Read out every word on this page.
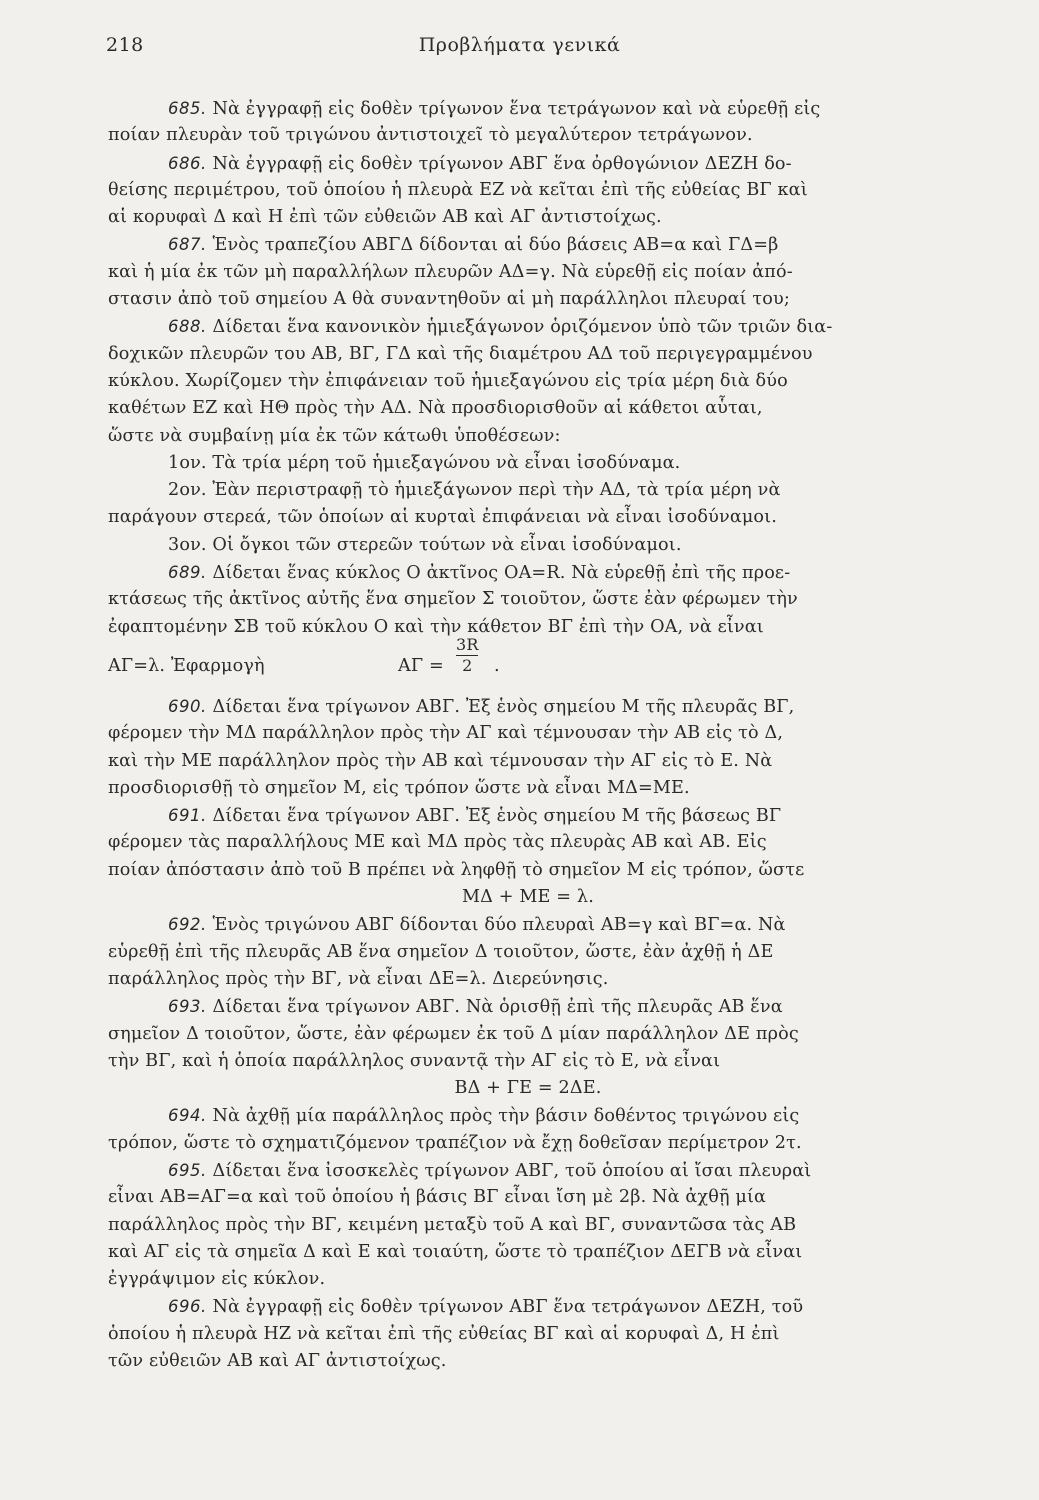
218	Προβλήματα γενικά
685. Νὰ ἐγγραφῇ εἰς δοθὲν τρίγωνον ἕνα τετράγωνον καὶ νὰ εὑρεθῇ εἰς
ποίαν πλευρὰν τοῦ τριγώνου ἀντιστοιχεῖ τὸ μεγαλύτερον τετράγωνον.
686. Νὰ ἐγγραφῇ εἰς δοθὲν τρίγωνον ΑΒΓ ἕνα ὀρθογώνιον ΔΕΖΗ δο-
θείσης περιμέτρου, τοῦ ὁποίου ἡ πλευρὰ ΕΖ νὰ κεῖται ἐπὶ τῆς εὐθείας ΒΓ καὶ
αἱ κορυφαὶ Δ καὶ Η ἐπὶ τῶν εὐθειῶν ΑΒ καὶ ΑΓ ἀντιστοίχως.
687. Ἑνὸς τραπεζίου ΑΒΓΔ δίδονται αἱ δύο βάσεις ΑΒ=α καὶ ΓΔ=β
καὶ ἡ μία ἐκ τῶν μὴ παραλλήλων πλευρῶν ΑΔ=γ. Νὰ εὑρεθῇ εἰς ποίαν ἀπό-
στασιν ἀπὸ τοῦ σημείου Α θὰ συναντηθοῦν αἱ μὴ παράλληλοι πλευραί του;
688. Δίδεται ἕνα κανονικὸν ἡμιεξάγωνον ὁριζόμενον ὑπὸ τῶν τριῶν δια-
δοχικῶν πλευρῶν του ΑΒ, ΒΓ, ΓΔ καὶ τῆς διαμέτρου ΑΔ τοῦ περιγεγραμμένου
κύκλου. Χωρίζομεν τὴν ἐπιφάνειαν τοῦ ἡμιεξαγώνου εἰς τρία μέρη διὰ δύο
καθέτων ΕΖ καὶ ΗΘ πρὸς τὴν ΑΔ. Νὰ προσδιορισθοῦν αἱ κάθετοι αὗται,
ὥστε νὰ συμβαίνῃ μία ἐκ τῶν κάτωθι ὑποθέσεων:
1ον. Τὰ τρία μέρη τοῦ ἡμιεξαγώνου νὰ εἶναι ἰσοδύναμα.
2ον. Ἐὰν περιστραφῇ τὸ ἡμιεξάγωνον περὶ τὴν ΑΔ, τὰ τρία μέρη νὰ
παράγουν στερεά, τῶν ὁποίων αἱ κυρταὶ ἐπιφάνειαι νὰ εἶναι ἰσοδύναμοι.
3ον. Οἱ ὄγκοι τῶν στερεῶν τούτων νὰ εἶναι ἰσοδύναμοι.
689. Δίδεται ἕνας κύκλος Ο ἀκτῖνος ΟΑ=R. Νὰ εὑρεθῇ ἐπὶ τῆς προε-
κτάσεως τῆς ἀκτῖνος αὐτῆς ἕνα σημεῖον Σ τοιοῦτον, ὥστε ἐὰν φέρωμεν τὴν
ἐφαπτομένην ΣΒ τοῦ κύκλου Ο καὶ τὴν κάθετον ΒΓ ἐπὶ τὴν ΟΑ, νὰ εἶναι
ΑΓ=λ. Ἐφαρμογὴ	$A\Gamma = \frac{3R}{2}$ .
690. Δίδεται ἕνα τρίγωνον ΑΒΓ. Ἐξ ἑνὸς σημείου Μ τῆς πλευρᾶς ΒΓ,
φέρομεν τὴν ΜΔ παράλληλον πρὸς τὴν ΑΓ καὶ τέμνουσαν τὴν ΑΒ εἰς τὸ Δ,
καὶ τὴν ΜΕ παράλληλον πρὸς τὴν ΑΒ καὶ τέμνουσαν τὴν ΑΓ εἰς τὸ Ε. Νὰ
προσδιορισθῇ τὸ σημεῖον Μ, εἰς τρόπον ὥστε νὰ εἶναι ΜΔ=ΜΕ.
691. Δίδεται ἕνα τρίγωνον ΑΒΓ. Ἐξ ἑνὸς σημείου Μ τῆς βάσεως ΒΓ
φέρομεν τὰς παραλλήλους ΜΕ καὶ ΜΔ πρὸς τὰς πλευρὰς ΑΒ καὶ ΑΒ. Εἰς
ποίαν ἀπόστασιν ἀπὸ τοῦ Β πρέπει νὰ ληφθῇ τὸ σημεῖον Μ εἰς τρόπον, ὥστε
ΜΔ + ΜΕ = λ.
692. Ἑνὸς τριγώνου ΑΒΓ δίδονται δύο πλευραὶ ΑΒ=γ καὶ ΒΓ=α. Νὰ
εὑρεθῇ ἐπὶ τῆς πλευρᾶς ΑΒ ἕνα σημεῖον Δ τοιοῦτον, ὥστε, ἐὰν ἀχθῇ ἡ ΔΕ
παράλληλος πρὸς τὴν ΒΓ, νὰ εἶναι ΔΕ=λ. Διερεύνησις.
693. Δίδεται ἕνα τρίγωνον ΑΒΓ. Νὰ ὁρισθῇ ἐπὶ τῆς πλευρᾶς ΑΒ ἕνα
σημεῖον Δ τοιοῦτον, ὥστε, ἐὰν φέρωμεν ἐκ τοῦ Δ μίαν παράλληλον ΔΕ πρὸς
τὴν ΒΓ, καὶ ἡ ὁποία παράλληλος συναντᾷ τὴν ΑΓ εἰς τὸ Ε, νὰ εἶναι
ΒΔ + ΓΕ = 2ΔΕ.
694. Νὰ ἀχθῇ μία παράλληλος πρὸς τὴν βάσιν δοθέντος τριγώνου εἰς
τρόπον, ὥστε τὸ σχηματιζόμενον τραπέζιον νὰ ἔχῃ δοθεῖσαν περίμετρον 2τ.
695. Δίδεται ἕνα ἰσοσκελὲς τρίγωνον ΑΒΓ, τοῦ ὁποίου αἱ ἴσαι πλευραὶ
εἶναι ΑΒ=ΑΓ=α καὶ τοῦ ὁποίου ἡ βάσις ΒΓ εἶναι ἴση μὲ 2β. Νὰ ἀχθῇ μία
παράλληλος πρὸς τὴν ΒΓ, κειμένη μεταξὺ τοῦ Α καὶ ΒΓ, συναντῶσα τὰς ΑΒ
καὶ ΑΓ εἰς τὰ σημεῖα Δ καὶ Ε καὶ τοιαύτη, ὥστε τὸ τραπέζιον ΔΕΓΒ νὰ εἶναι
ἐγγράψιμον εἰς κύκλον.
696. Νὰ ἐγγραφῇ εἰς δοθὲν τρίγωνον ΑΒΓ ἕνα τετράγωνον ΔΕΖΗ, τοῦ
ὁποίου ἡ πλευρὰ ΗΖ νὰ κεῖται ἐπὶ τῆς εὐθείας ΒΓ καὶ αἱ κορυφαὶ Δ, Η ἐπὶ
τῶν εὐθειῶν ΑΒ καὶ ΑΓ ἀντιστοίχως.
